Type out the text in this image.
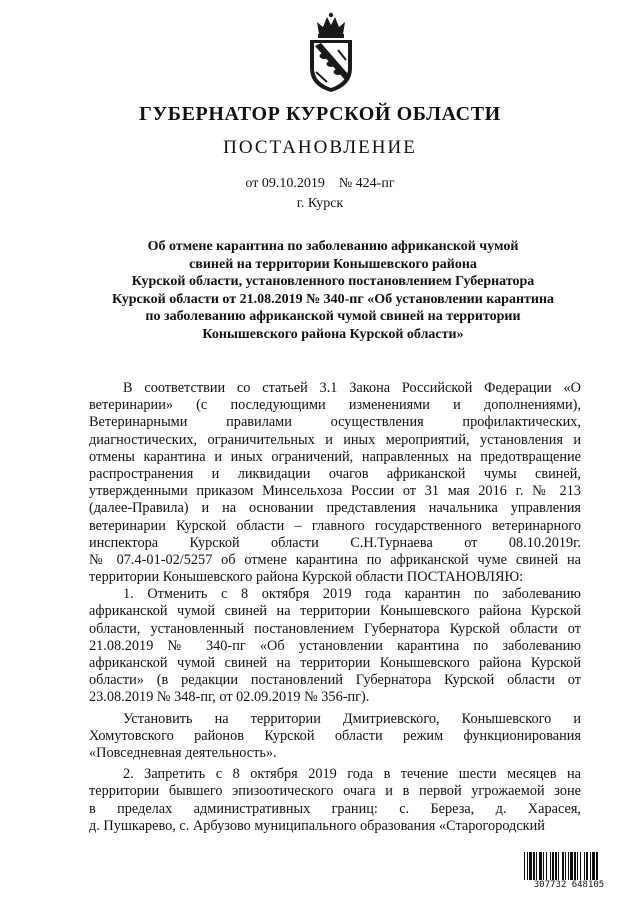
ГУБЕРНАТОР КУРСКОЙ ОБЛАСТИ
ПОСТАНОВЛЕНИЕ
от 09.10.2019 № 424-пг
г. Курск
Об отмене карантина по заболеванию африканской чумой
свиней на территории Конышевского района
Курской области, установленного постановлением Губернатора
Курской области от 21.08.2019 № 340-пг «Об установлении карантина
по заболеванию африканской чумой свиней на территории
Конышевского района Курской области»
В соответствии со статьей 3.1 Закона Российской Федерации «О
ветеринарии» (с последующими изменениями и дополнениями),
Ветеринарными правилами осуществления профилактических,
диагностических, ограничительных и иных мероприятий, установления и
отмены карантина и иных ограничений, направленных на предотвращение
распространения и ликвидации очагов африканской чумы свиней,
утвержденными приказом Минсельхоза России от 31 мая 2016 г. № 213
(далее-Правила) и на основании представления начальника управления
ветеринарии Курской области – главного государственного ветеринарного
инспектора Курской области С.Н.Турнаева от 08.10.2019г.
№ 07.4-01-02/5257 об отмене карантина по африканской чуме свиней на
территории Конышевского района Курской области ПОСТАНОВЛЯЮ:
1. Отменить с 8 октября 2019 года карантин по заболеванию
африканской чумой свиней на территории Конышевского района Курской
области, установленный постановлением Губернатора Курской области от
21.08.2019 № 340-пг «Об установлении карантина по заболеванию
африканской чумой свиней на территории Конышевского района Курской
области» (в редакции постановлений Губернатора Курской области от
23.08.2019 № 348-пг, от 02.09.2019 № 356-пг).
Установить на территории Дмитриевского, Конышевского и
Хомутовского районов Курской области режим функционирования
«Повседневная деятельность».
2. Запретить с 8 октября 2019 года в течение шести месяцев на
территории бывшего эпизоотического очага и в первой угрожаемой зоне
в пределах административных границ: с. Береза, д. Харасея,
д. Пушкарево, с. Арбузово муниципального образования «Старогородский
307732 648105
